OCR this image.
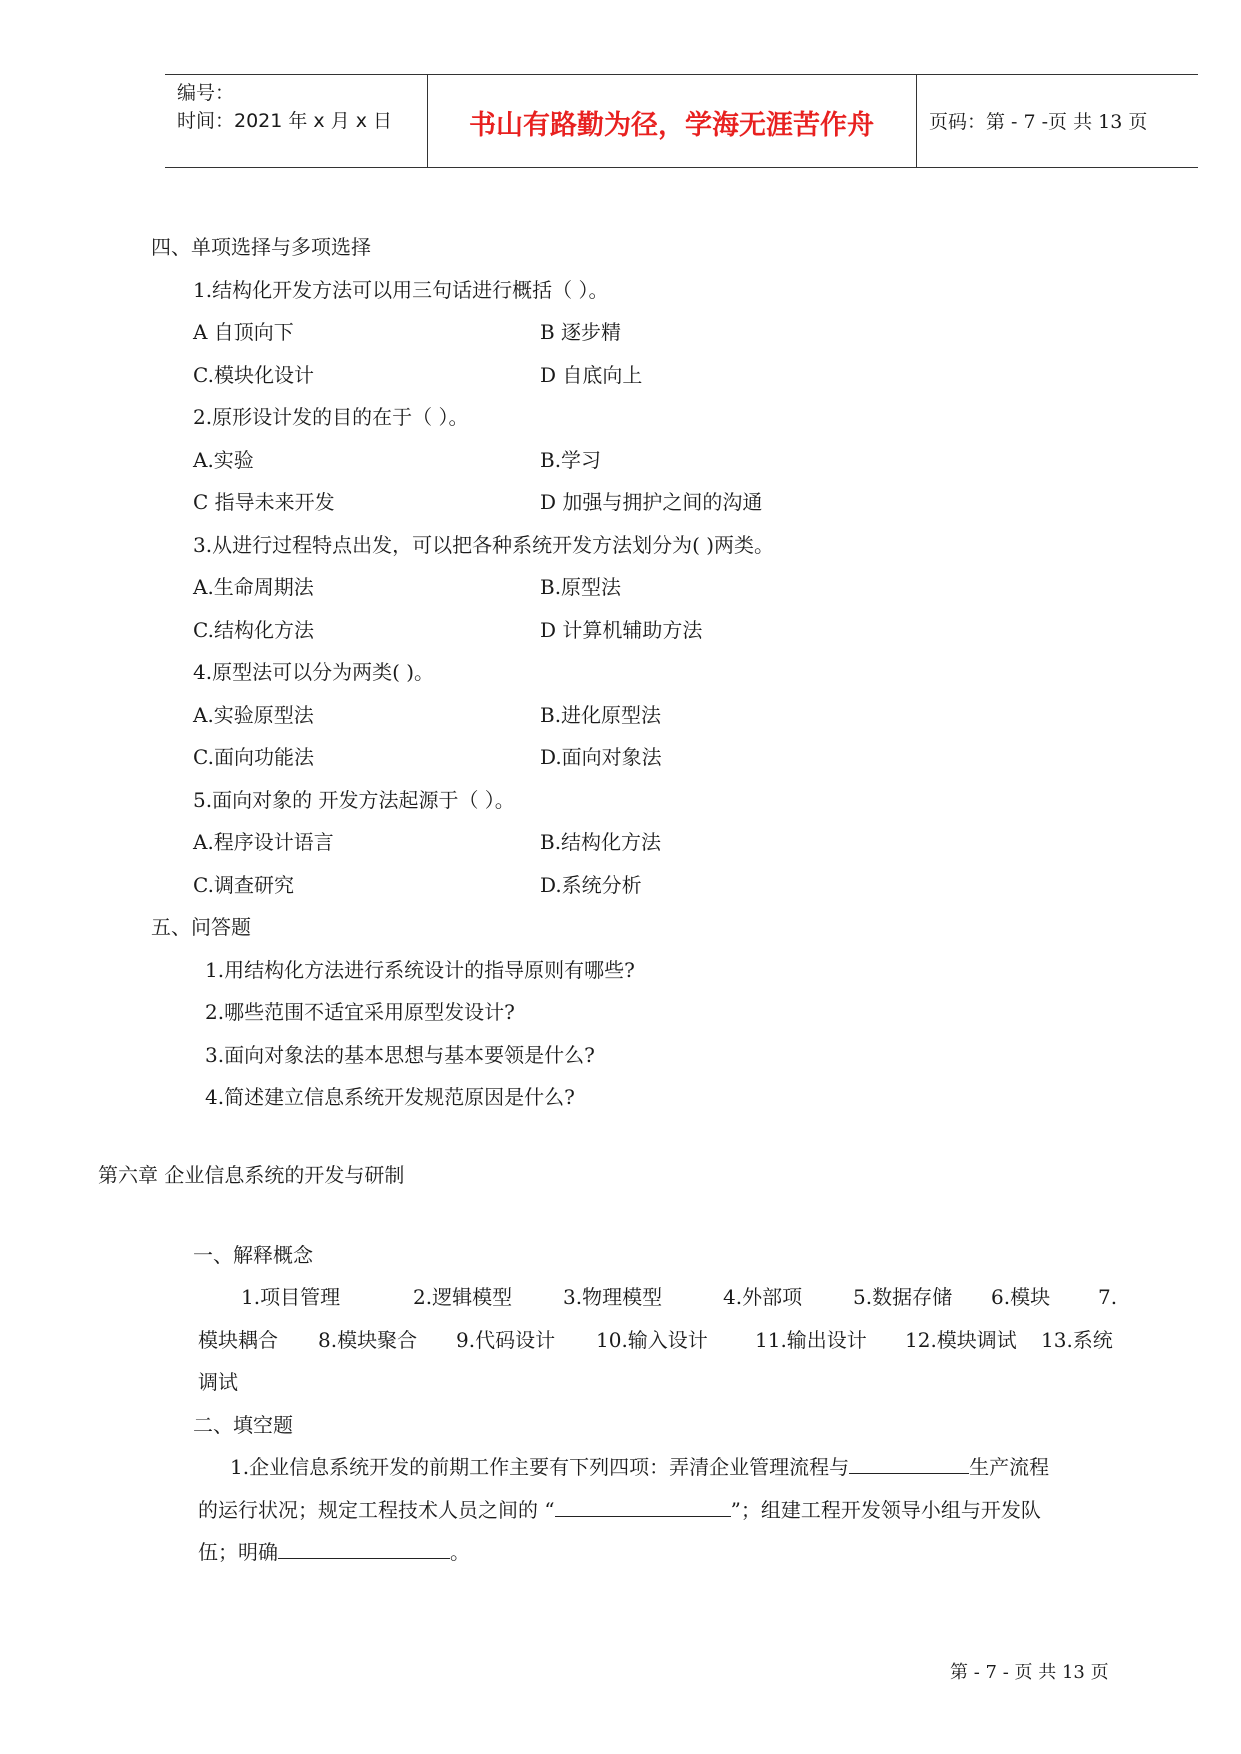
编号：
时间：2021 年 x 月 x 日	书山有路勤为径，学海无涯苦作舟	页码：第 - 7 -页 共 13 页
四、单项选择与多项选择
1.结构化开发方法可以用三句话进行概括（ ）。
A 自顶向下	B 逐步精
C.模块化设计	D 自底向上
2.原形设计发的目的在于（ ）。
A.实验	B.学习
C 指导未来开发	D 加强与拥护之间的沟通
3.从进行过程特点出发，可以把各种系统开发方法划分为( )两类。
A.生命周期法	B.原型法
C.结构化方法	D 计算机辅助方法
4.原型法可以分为两类( )。
A.实验原型法	B.进化原型法
C.面向功能法	D.面向对象法
5.面向对象的 开发方法起源于（ ）。
A.程序设计语言	B.结构化方法
C.调查研究	D.系统分析
五、问答题
1.用结构化方法进行系统设计的指导原则有哪些?
2.哪些范围不适宜采用原型发设计?
3.面向对象法的基本思想与基本要领是什么?
4.简述建立信息系统开发规范原因是什么?
第六章 企业信息系统的开发与研制
一、解释概念
1.项目管理	2.逻辑模型	3.物理模型	4.外部项	5.数据存储 6.模块 7.
模块耦合 8.模块聚合 9.代码设计 10.输入设计 11.输出设计 12.模块调试 13.系统
调试
二、填空题
1.企业信息系统开发的前期工作主要有下列四项：弄清企业管理流程与	生产流程
的运行状况；规定工程技术人员之间的 “	”；组建工程开发领导小组与开发队
伍；明确	。
第 - 7 - 页 共 13 页
